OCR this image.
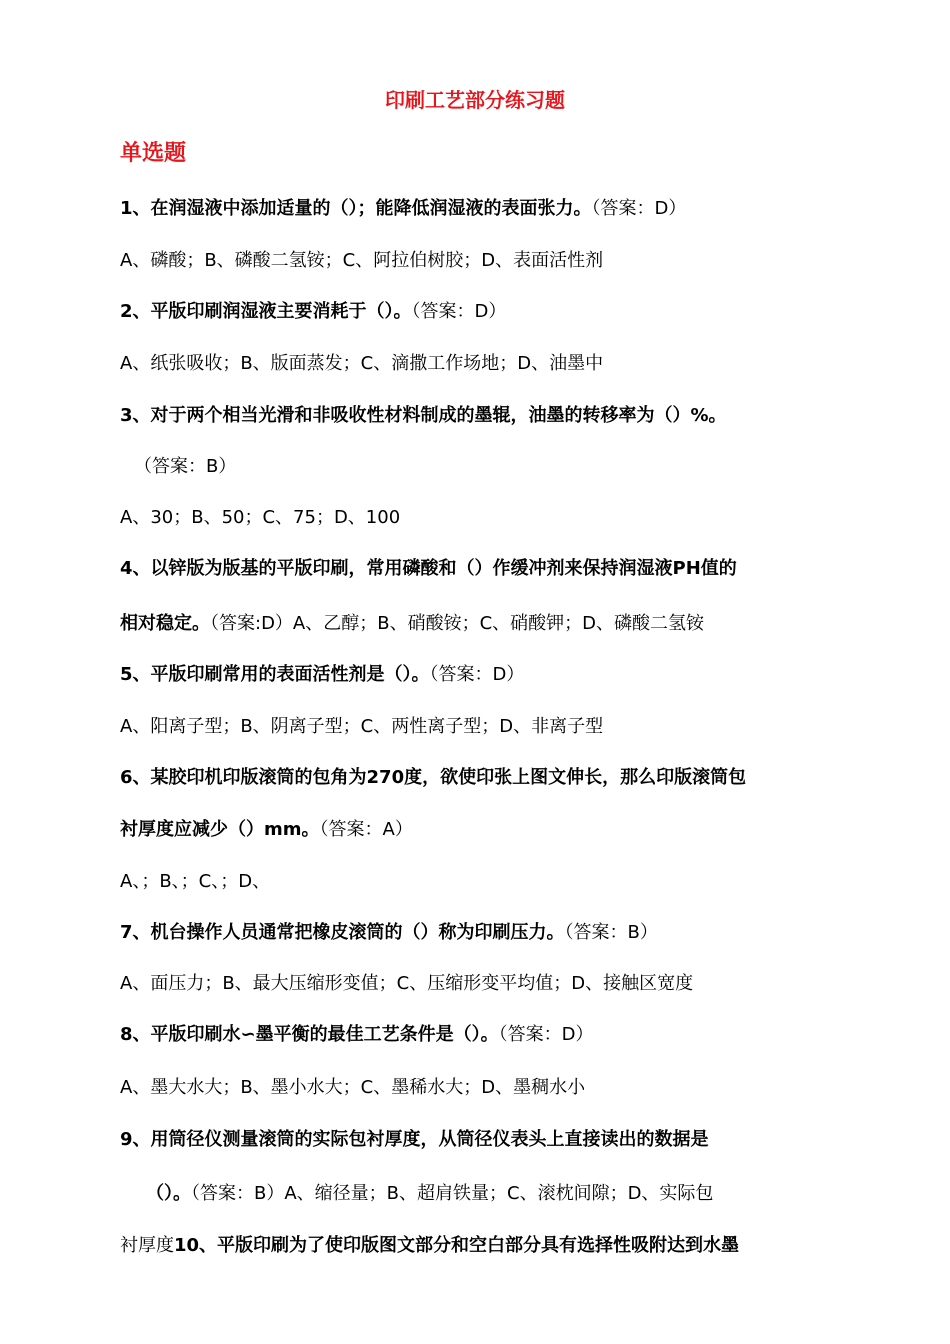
印刷工艺部分练习题
单选题
1、在润湿液中添加适量的（）；能降低润湿液的表面张力。（答案：D）
A、磷酸；B、磷酸二氢铵；C、阿拉伯树胶；D、表面活性剂
2、平版印刷润湿液主要消耗于（）。（答案：D）
A、纸张吸收；B、版面蒸发；C、滴撒工作场地；D、油墨中
3、对于两个相当光滑和非吸收性材料制成的墨辊，油墨的转移率为（）%。
（答案：B）
A、30；B、50；C、75；D、100
4、以锌版为版基的平版印刷，常用磷酸和（）作缓冲剂来保持润湿液PH值的
相对稳定。（答案:D）A、乙醇；B、硝酸铵；C、硝酸钾；D、磷酸二氢铵
5、平版印刷常用的表面活性剂是（）。（答案：D）
A、阳离子型；B、阴离子型；C、两性离子型；D、非离子型
6、某胶印机印版滚筒的包角为270度，欲使印张上图文伸长，那么印版滚筒包
衬厚度应减少（）mm。（答案：A）
A、；B、；C、；D、
7、机台操作人员通常把橡皮滚筒的（）称为印刷压力。（答案：B）
A、面压力；B、最大压缩形变值；C、压缩形变平均值；D、接触区宽度
8、平版印刷水∽墨平衡的最佳工艺条件是（）。（答案：D）
A、墨大水大；B、墨小水大；C、墨稀水大；D、墨稠水小
9、用筒径仪测量滚筒的实际包衬厚度，从筒径仪表头上直接读出的数据是
（）。（答案：B）A、缩径量；B、超肩铁量；C、滚枕间隙；D、实际包
衬厚度10、平版印刷为了使印版图文部分和空白部分具有选择性吸附达到水墨
